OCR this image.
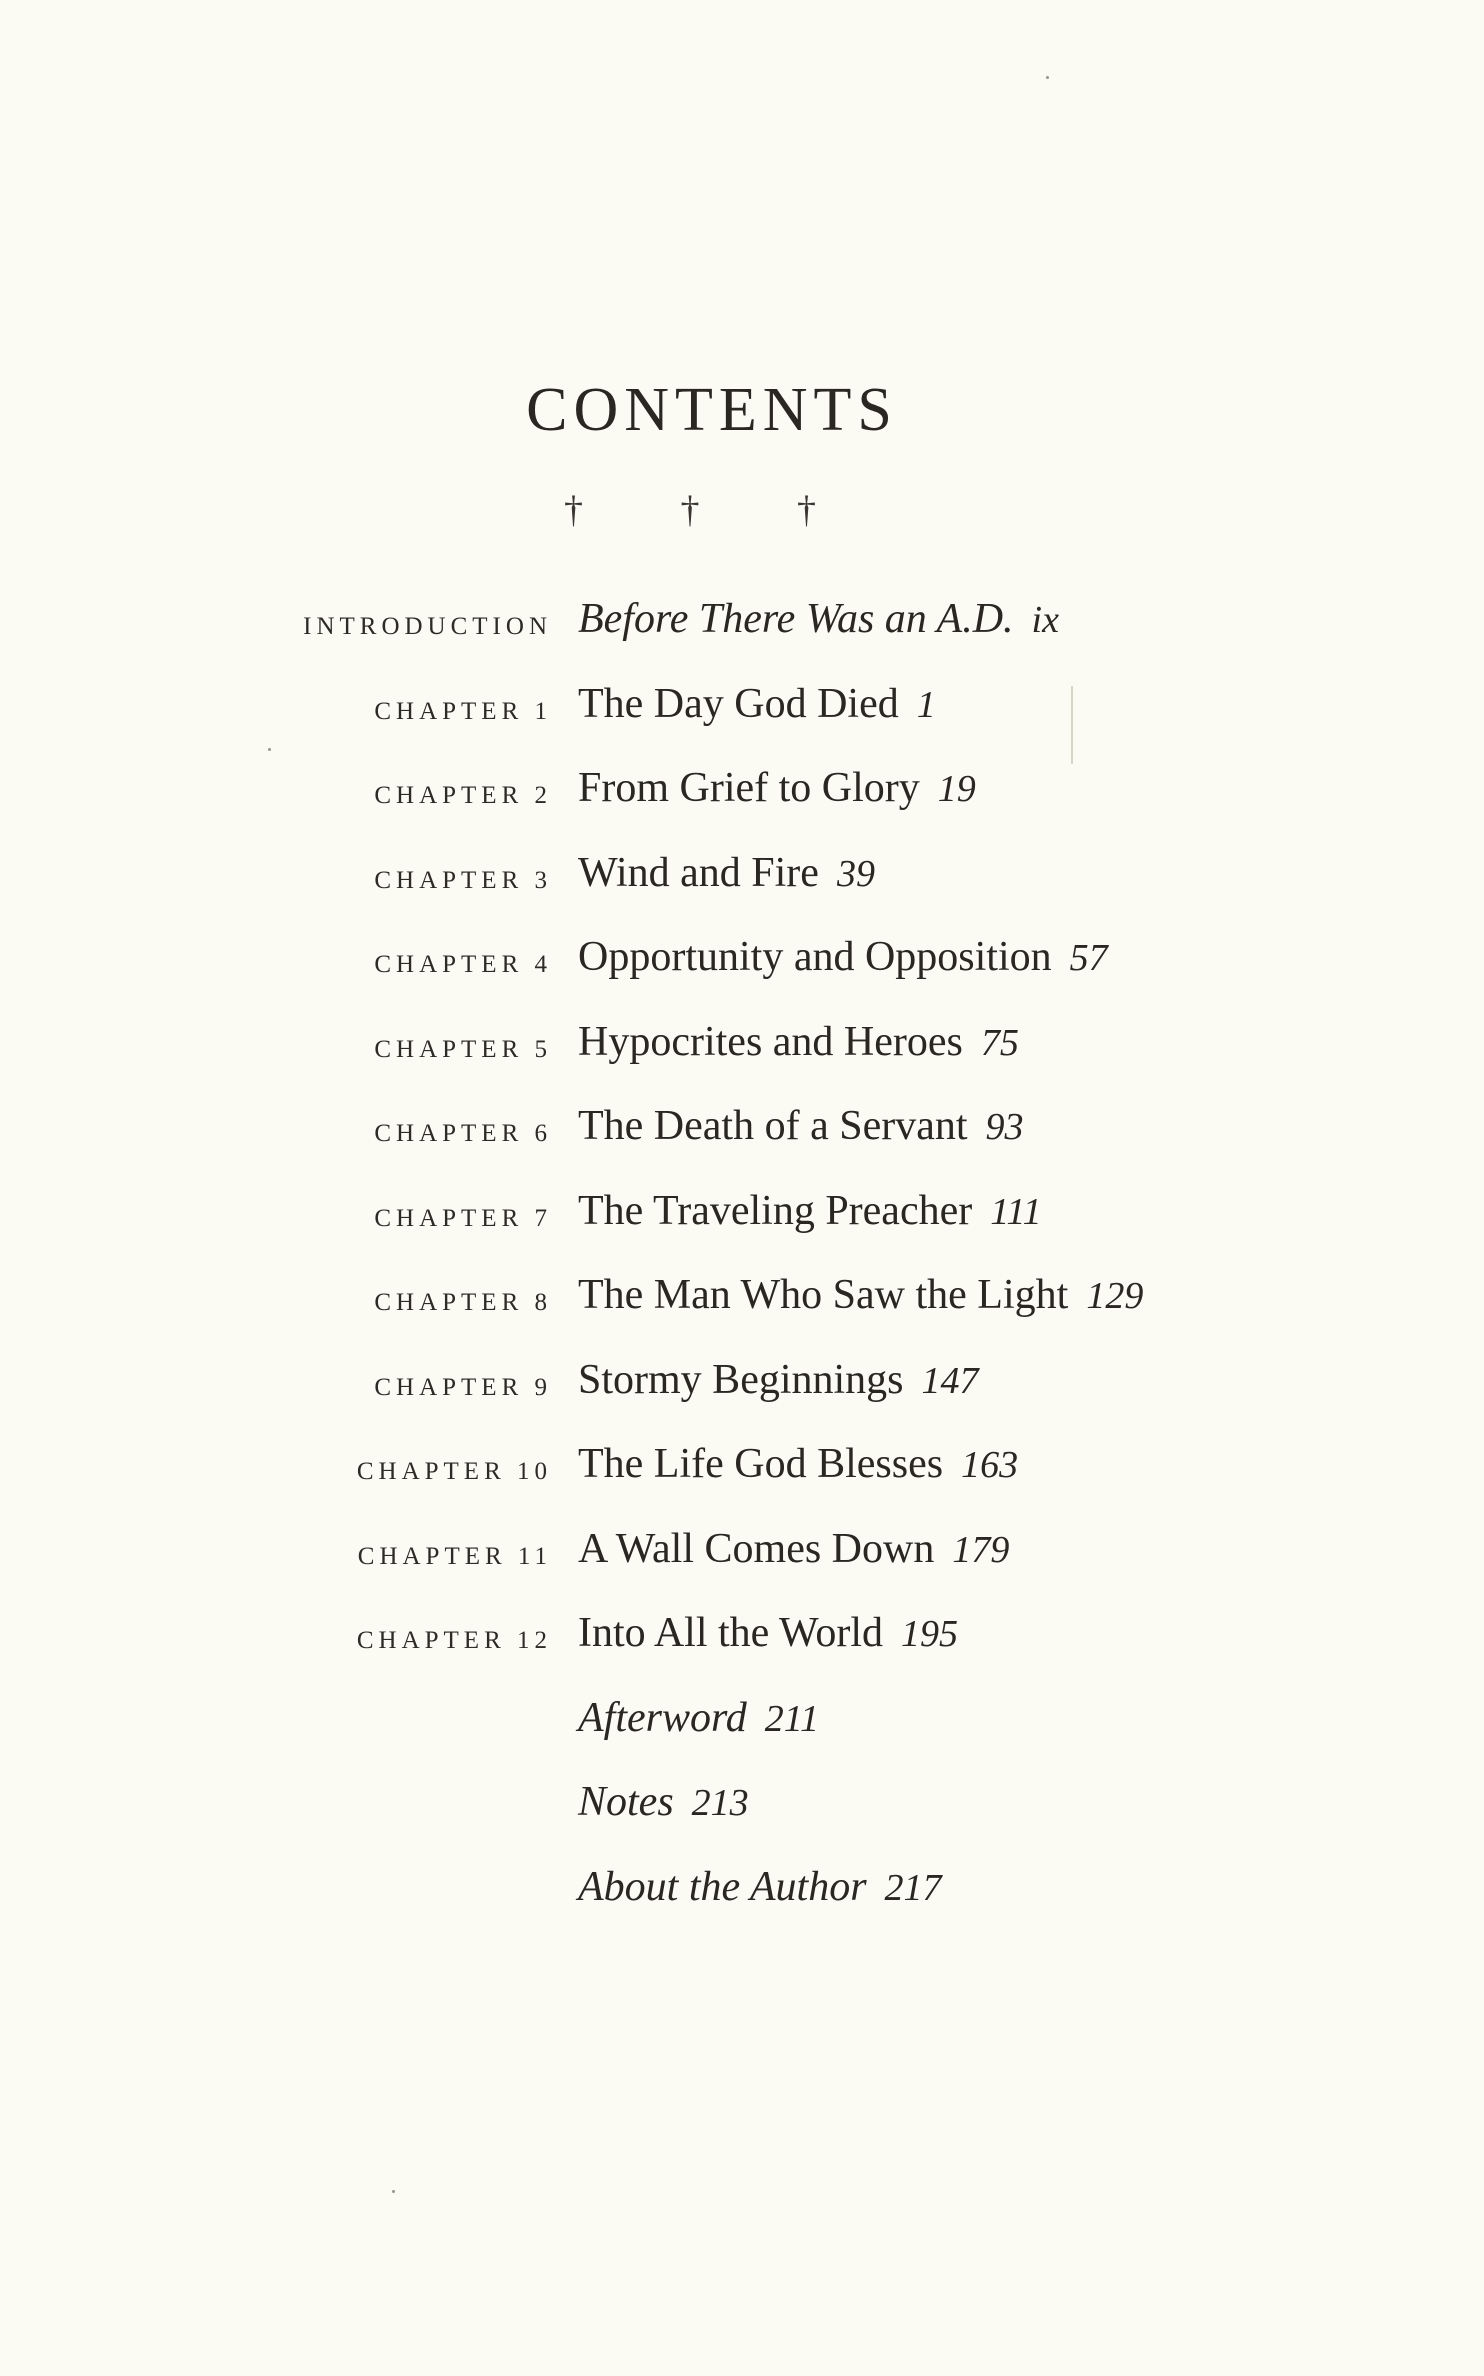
CONTENTS
† † †
INTRODUCTION Before There Was an A.D. ix
CHAPTER 1 The Day God Died 1
CHAPTER 2 From Grief to Glory 19
CHAPTER 3 Wind and Fire 39
CHAPTER 4 Opportunity and Opposition 57
CHAPTER 5 Hypocrites and Heroes 75
CHAPTER 6 The Death of a Servant 93
CHAPTER 7 The Traveling Preacher 111
CHAPTER 8 The Man Who Saw the Light 129
CHAPTER 9 Stormy Beginnings 147
CHAPTER 10 The Life God Blesses 163
CHAPTER 11 A Wall Comes Down 179
CHAPTER 12 Into All the World 195
Afterword 211
Notes 213
About the Author 217
